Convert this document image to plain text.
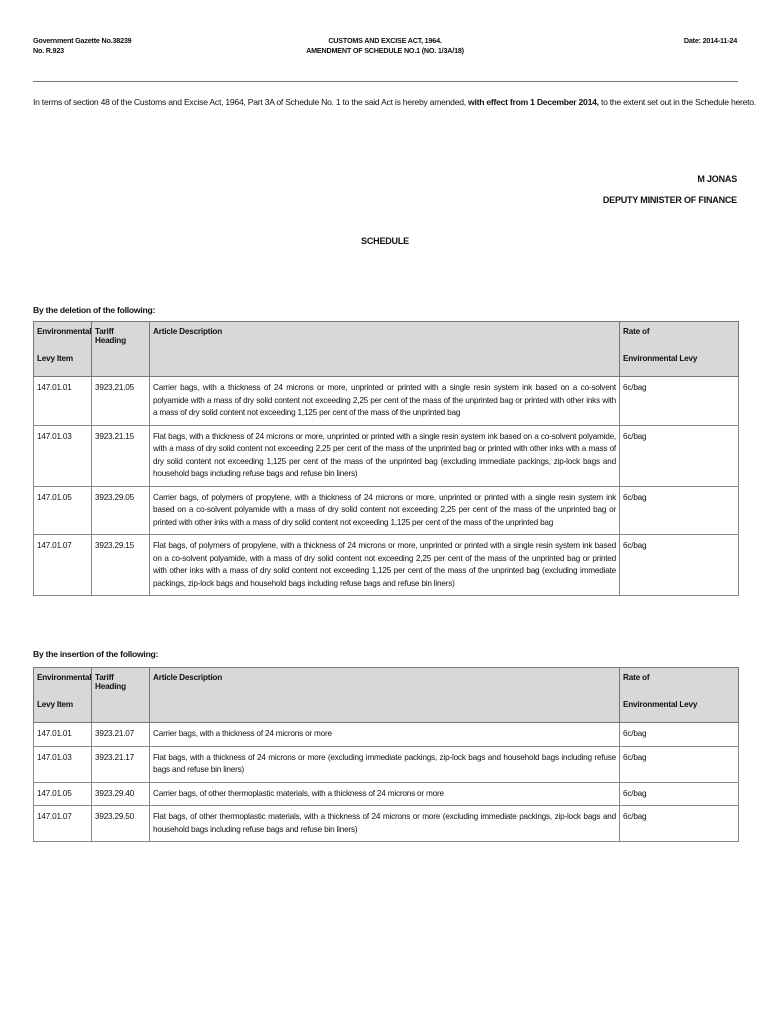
Government Gazette No.38239
No. R.923
CUSTOMS AND EXCISE ACT, 1964.
AMENDMENT OF SCHEDULE NO.1 (NO. 1/3A/18)
Date: 2014-11-24
In terms of section 48 of the Customs and Excise Act, 1964, Part 3A of Schedule No. 1 to the said Act is hereby amended, with effect from 1 December 2014, to the extent set out in the Schedule hereto.
M JONAS
DEPUTY MINISTER OF FINANCE
SCHEDULE
By the deletion of the following:
Environmental	Tariff Heading	Article Description	Rate of
Levy Item			Environmental Levy
147.01.01	3923.21.05	Carrier bags, with a thickness of 24 microns or more, unprinted or printed with a single resin system ink based on a co-solvent polyamide with a mass of dry solid content not exceeding 2,25 per cent of the mass of the unprinted bag or printed with other inks with a mass of dry solid content not exceeding 1,125 per cent of the mass of the unprinted bag	6c/bag
147.01.03	3923.21.15	Flat bags, with a thickness of 24 microns or more, unprinted or printed with a single resin system ink based on a co-solvent polyamide, with a mass of dry solid content not exceeding 2,25 per cent of the mass of the unprinted bag or printed with other inks with a mass of dry solid content not exceeding 1,125 per cent of the mass of the unprinted bag (excluding immediate packings, zip-lock bags and household bags including refuse bags and refuse bin liners)	6c/bag
147.01.05	3923.29.05	Carrier bags, of polymers of propylene, with a thickness of 24 microns or more, unprinted or printed with a single resin system ink based on a co-solvent polyamide with a mass of dry solid content not exceeding 2,25 per cent of the mass of the unprinted bag or printed with other inks with a mass of dry solid content not exceeding 1,125 per cent of the mass of the unprinted bag	6c/bag
147.01.07	3923.29.15	Flat bags, of polymers of propylene, with a thickness of 24 microns or more, unprinted or printed with a single resin system ink based on a co-solvent polyamide, with a mass of dry solid content not exceeding 2,25 per cent of the mass of the unprinted bag or printed with other inks with a mass of dry solid content not exceeding 1,125 per cent of the mass of the unprinted bag (excluding immediate packings, zip-lock bags and household bags including refuse bags and refuse bin liners)	6c/bag
By the insertion of the following:
Environmental	Tariff Heading	Article Description	Rate of
Levy Item			Environmental Levy
147.01.01	3923.21.07	Carrier bags, with a thickness of 24 microns or more	6c/bag
147.01.03	3923.21.17	Flat bags, with a thickness of 24 microns or more (excluding immediate packings, zip-lock bags and household bags including refuse bags and refuse bin liners)	6c/bag
147.01.05	3923.29.40	Carrier bags, of other thermoplastic materials, with a thickness of 24 microns or more	6c/bag
147.01.07	3923.29.50	Flat bags, of other thermoplastic materials, with a thickness of 24 microns or more (excluding immediate packings, zip-lock bags and household bags including refuse bags and refuse bin liners)	6c/bag
